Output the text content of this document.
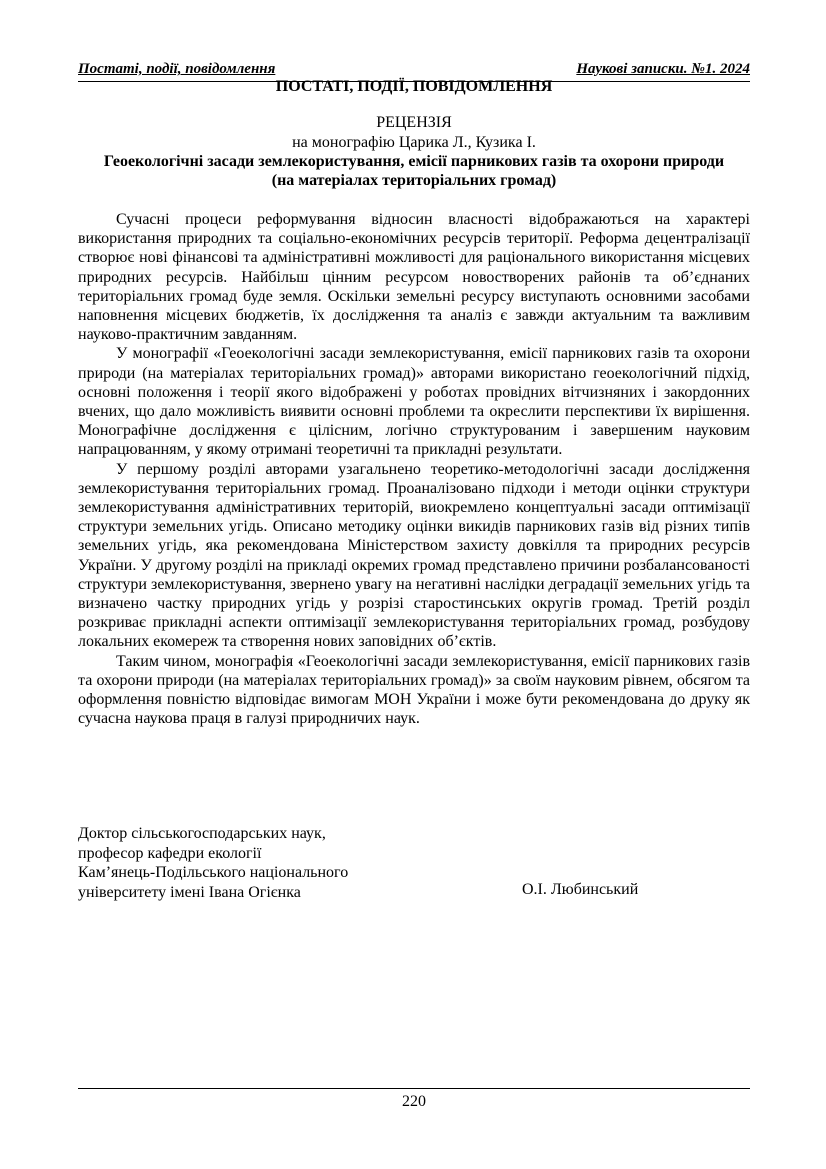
Постаті, події, повідомлення	Наукові записки. №1. 2024
ПОСТАТІ, ПОДІЇ, ПОВІДОМЛЕННЯ
РЕЦЕНЗІЯ
на монографію Царика Л., Кузика І.
Геоекологічні засади землекористування, емісії парникових газів та охорони природи
(на матеріалах територіальних громад)

Сучасні процеси реформування відносин власності відображаються на характері використання природних та соціально-економічних ресурсів території. Реформа децентралізації створює нові фінансові та адміністративні можливості для раціонального використання місцевих природних ресурсів. Найбільш цінним ресурсом новостворених районів та об’єднаних територіальних громад буде земля. Оскільки земельні ресурсу виступають основними засобами наповнення місцевих бюджетів, їх дослідження та аналіз є завжди актуальним та важливим науково-практичним завданням.

У монографії «Геоекологічні засади землекористування, емісії парникових газів та охорони природи (на матеріалах територіальних громад)» авторами використано геоекологічний підхід, основні положення і теорії якого відображені у роботах провідних вітчизняних і закордонних вчених, що дало можливість виявити основні проблеми та окреслити перспективи їх вирішення. Монографічне дослідження є цілісним, логічно структурованим і завершеним науковим напрацюванням, у якому отримані теоретичні та прикладні результати.

У першому розділі авторами узагальнено теоретико-методологічні засади дослідження землекористування територіальних громад. Проаналізовано підходи і методи оцінки структури землекористування адміністративних територій, виокремлено концептуальні засади оптимізації структури земельних угідь. Описано методику оцінки викидів парникових газів від різних типів земельних угідь, яка рекомендована Міністерством захисту довкілля та природних ресурсів України. У другому розділі на прикладі окремих громад представлено причини розбалансованості структури землекористування, звернено увагу на негативні наслідки деградації земельних угідь та визначено частку природних угідь у розрізі старостинських округів громад. Третій розділ розкриває прикладні аспекти оптимізації землекористування територіальних громад, розбудову локальних екомереж та створення нових заповідних об’єктів.

Таким чином, монографія «Геоекологічні засади землекористування, емісії парникових газів та охорони природи (на матеріалах територіальних громад)» за своїм науковим рівнем, обсягом та оформлення повністю відповідає вимогам МОН України і може бути рекомендована до друку як сучасна наукова праця в галузі природничих наук.

Доктор сільськогосподарських наук,
професор кафедри екології
Кам’янець-Подільського національного
університету імені Івана Огієнка	О.І. Любинський
220
